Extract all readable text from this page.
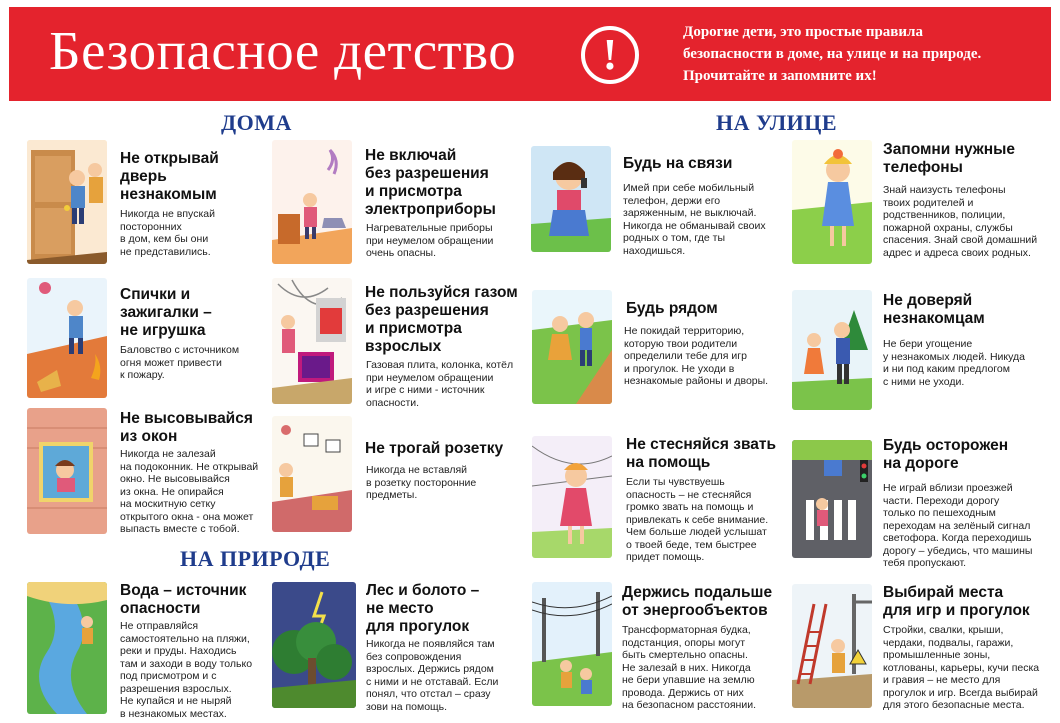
Безопасное детство	!	Дорогие дети, это простые правила
безопасности в доме, на улице и на природе.
Прочитайте и запомните их!
ДОМА	НА УЛИЦЕ
НА ПРИРОДЕ
Не открывай
дверь
незнакомым
Никогда не впускай
посторонних
в дом, кем бы они
не представились.
Не включай
без разрешения
и присмотра
электроприборы
Нагревательные приборы
при неумелом обращении
очень опасны.
Спички и
зажигалки –
не игрушка
Баловство с источником
огня может привести
к пожару.
Не пользуйся газом
без разрешения
и присмотра
взрослых
Газовая плита, колонка, котёл
при неумелом обращении
и игре с ними - источник
опасности.
Не высовывайся
из окон
Никогда не залезай
на подоконник. Не открывай
окно. Не высовывайся
из окна. Не опирайся
на москитную сетку
открытого окна - она может
выпасть вместе с тобой.
Не трогай розетку
Никогда не вставляй
в розетку посторонние
предметы.
Вода – источник
опасности
Не отправляйся
самостоятельно на пляжи,
реки и пруды. Находись
там и заходи в воду только
под присмотром и с
разрешения взрослых.
Не купайся и не ныряй
в незнакомых местах.
Лес и болото –
не место
для прогулок
Никогда не появляйся там
без сопровождения
взрослых. Держись рядом
с ними и не отставай. Если
понял, что отстал – сразу
зови на помощь.
Будь на связи
Имей при себе мобильный
телефон, держи его
заряженным, не выключай.
Никогда не обманывай своих
родных о том, где ты
находишься.
Запомни нужные
телефоны
Знай наизусть телефоны
твоих родителей и
родственников, полиции,
пожарной охраны, службы
спасения. Знай свой домашний
адрес и адреса своих родных.
Будь рядом
Не покидай территорию,
которую твои родители
определили тебе для игр
и прогулок. Не уходи в
незнакомые районы и дворы.
Не доверяй
незнакомцам
Не бери угощение
у незнакомых людей. Никуда
и ни под каким предлогом
с ними не уходи.
Не стесняйся звать
на помощь
Если ты чувствуешь
опасность – не стесняйся
громко звать на помощь и
привлекать к себе внимание.
Чем больше людей услышат
о твоей беде, тем быстрее
придет помощь.
Будь осторожен
на дороге
Не играй вблизи проезжей
части. Переходи дорогу
только по пешеходным
переходам на зелёный сигнал
светофора. Когда переходишь
дорогу – убедись, что машины
тебя пропускают.
Держись подальше
от энергообъектов
Трансформаторная будка,
подстанция, опоры могут
быть смертельно опасны.
Не залезай в них. Никогда
не бери упавшие на землю
провода. Держись от них
на безопасном расстоянии.
Выбирай места
для игр и прогулок
Стройки, свалки, крыши,
чердаки, подвалы, гаражи,
промышленные зоны,
котлованы, карьеры, кучи песка
и гравия – не место для
прогулок и игр. Всегда выбирай
для этого безопасные места.
